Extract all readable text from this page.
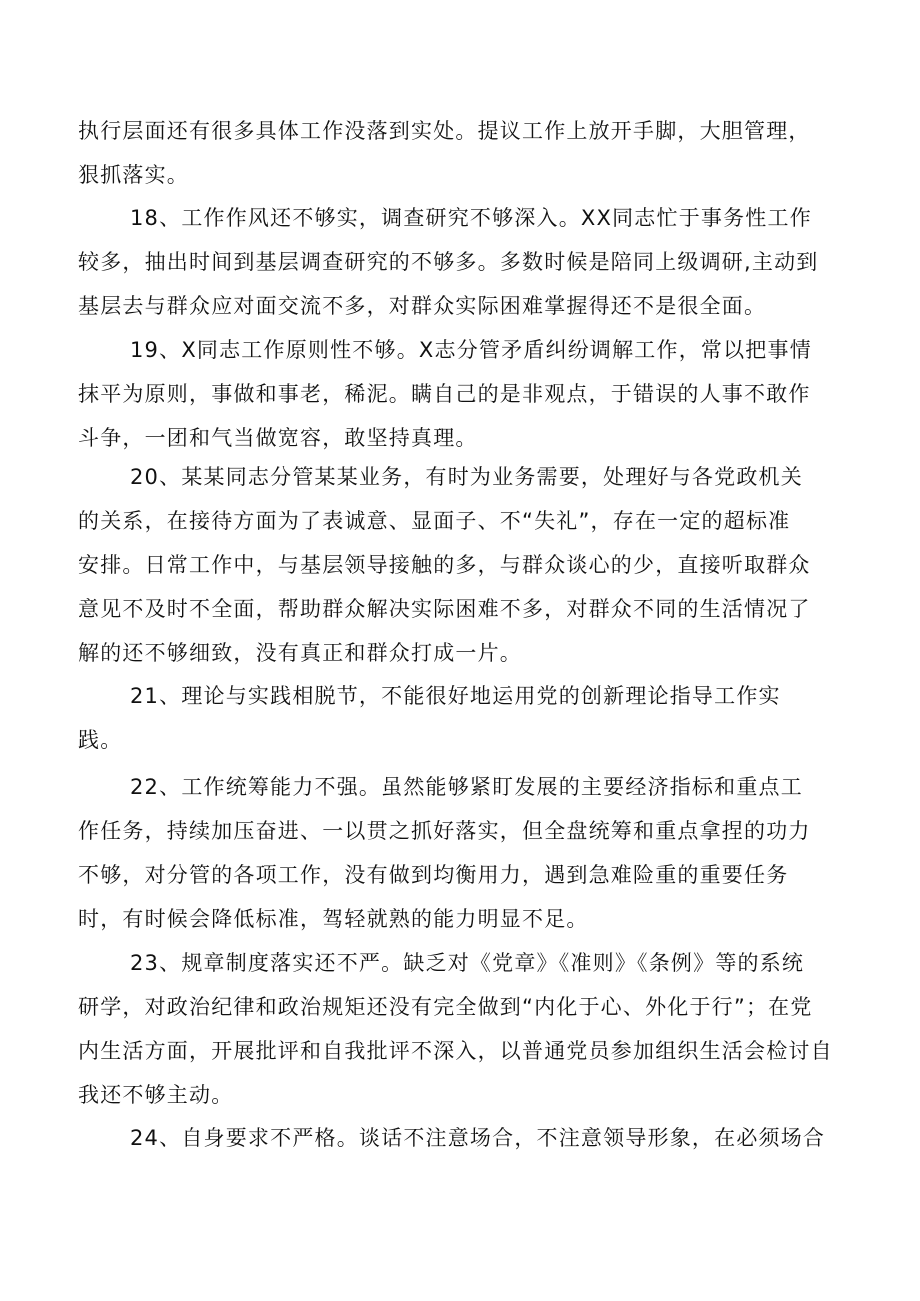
执行层面还有很多具体工作没落到实处。提议工作上放开手脚，大胆管理，
狠抓落实。
18、工作作风还不够实，调查研究不够深入。XX同志忙于事务性工作
较多，抽出时间到基层调查研究的不够多。多数时候是陪同上级调研,主动到
基层去与群众应对面交流不多，对群众实际困难掌握得还不是很全面。
19、X同志工作原则性不够。X志分管矛盾纠纷调解工作，常以把事情
抹平为原则，事做和事老，稀泥。瞒自己的是非观点，于错误的人事不敢作
斗争，一团和气当做宽容，敢坚持真理。
20、某某同志分管某某业务，有时为业务需要，处理好与各党政机关
的关系，在接待方面为了表诚意、显面子、不“失礼”，存在一定的超标准
安排。日常工作中，与基层领导接触的多，与群众谈心的少，直接听取群众
意见不及时不全面，帮助群众解决实际困难不多，对群众不同的生活情况了
解的还不够细致，没有真正和群众打成一片。
21、理论与实践相脱节，不能很好地运用党的创新理论指导工作实
践。
22、工作统筹能力不强。虽然能够紧盯发展的主要经济指标和重点工
作任务，持续加压奋进、一以贯之抓好落实，但全盘统筹和重点拿捏的功力
不够，对分管的各项工作，没有做到均衡用力，遇到急难险重的重要任务
时，有时候会降低标准，驾轻就熟的能力明显不足。
23、规章制度落实还不严。缺乏对《党章》《准则》《条例》等的系统
研学，对政治纪律和政治规矩还没有完全做到“内化于心、外化于行”；在党
内生活方面，开展批评和自我批评不深入，以普通党员参加组织生活会检讨自
我还不够主动。
24、自身要求不严格。谈话不注意场合，不注意领导形象，在必须场合
